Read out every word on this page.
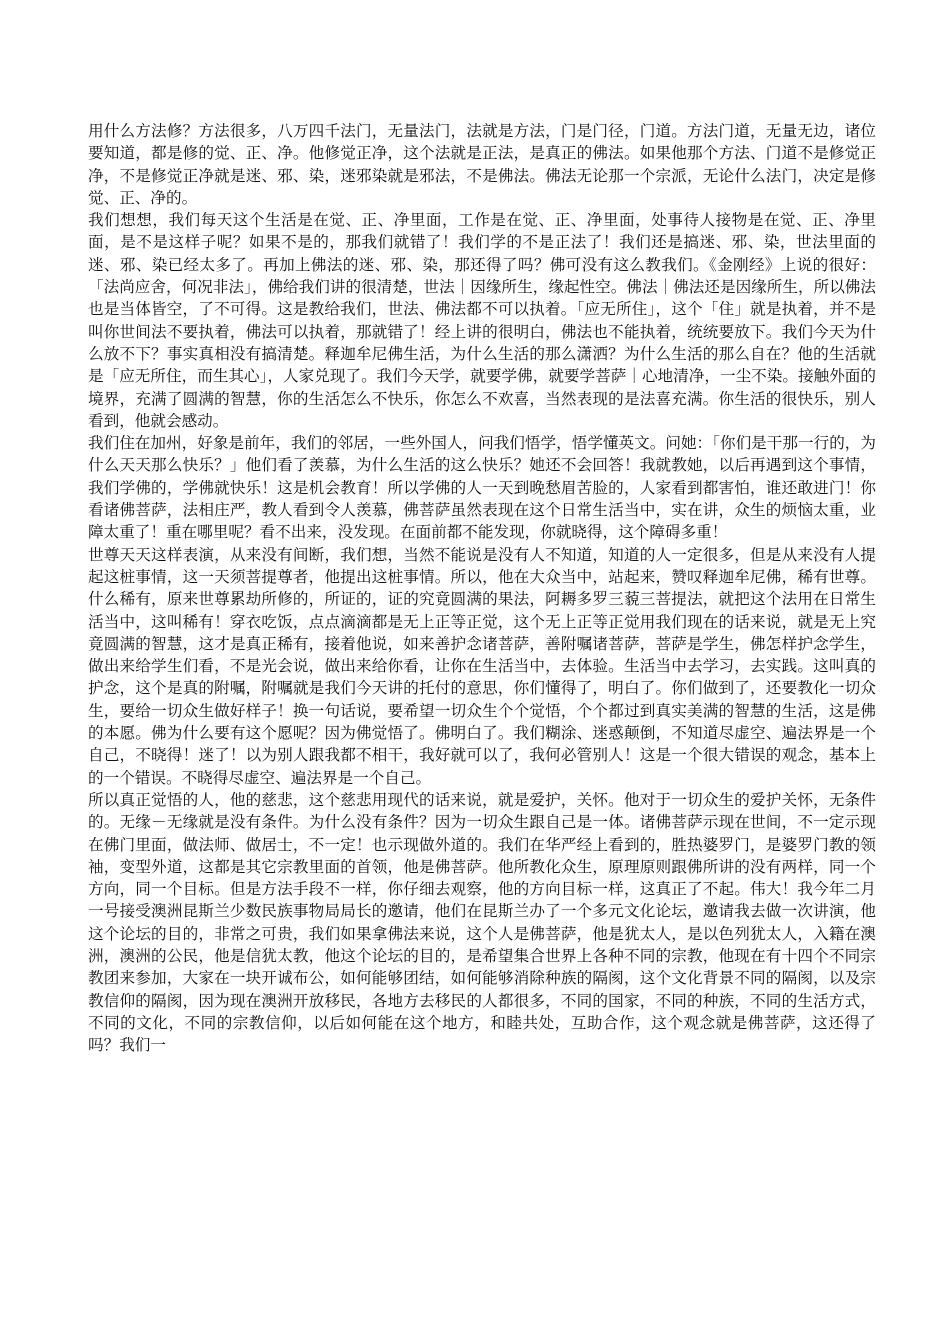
用什么方法修？方法很多，八万四千法门，无量法门，法就是方法，门是门径，门道。方法门道，无量无边，诸位要知道，都是修的觉、正、净。他修觉正净，这个法就是正法，是真正的佛法。如果他那个方法、门道不是修觉正净，不是修觉正净就是迷、邪、染，迷邪染就是邪法，不是佛法。佛法无论那一个宗派，无论什么法门，决定是修觉、正、净的。

我们想想，我们每天这个生活是在觉、正、净里面，工作是在觉、正、净里面，处事待人接物是在觉、正、净里面，是不是这样子呢？如果不是的，那我们就错了！我们学的不是正法了！我们还是搞迷、邪、染，世法里面的迷、邪、染已经太多了。再加上佛法的迷、邪、染，那还得了吗？佛可没有这么教我们。《金刚经》上说的很好：「法尚应舍，何况非法」，佛给我们讲的很清楚，世法｜因缘所生，缘起性空。佛法｜佛法还是因缘所生，所以佛法也是当体皆空，了不可得。这是教给我们，世法、佛法都不可以执着。「应无所住」，这个「住」就是执着，并不是叫你世间法不要执着，佛法可以执着，那就错了！经上讲的很明白，佛法也不能执着，统统要放下。我们今天为什么放不下？事实真相没有搞清楚。释迦牟尼佛生活，为什么生活的那么潇洒？为什么生活的那么自在？他的生活就是「应无所住，而生其心」，人家兑现了。我们今天学，就要学佛，就要学菩萨｜心地清净，一尘不染。接触外面的境界，充满了圆满的智慧，你的生活怎么不快乐，你怎么不欢喜，当然表现的是法喜充满。你生活的很快乐，别人看到，他就会感动。

我们住在加州，好象是前年，我们的邻居，一些外国人，问我们悟学，悟学懂英文。问她：「你们是干那一行的，为什么天天那么快乐？」他们看了羡慕，为什么生活的这么快乐？她还不会回答！我就教她，以后再遇到这个事情，我们学佛的，学佛就快乐！这是机会教育！所以学佛的人一天到晚愁眉苦脸的，人家看到都害怕，谁还敢进门！你看诸佛菩萨，法相庄严，教人看到令人羡慕，佛菩萨虽然表现在这个日常生活当中，实在讲，众生的烦恼太重，业障太重了！重在哪里呢？看不出来，没发现。在面前都不能发现，你就晓得，这个障碍多重！

世尊天天这样表演，从来没有间断，我们想，当然不能说是没有人不知道，知道的人一定很多，但是从来没有人提起这桩事情，这一天须菩提尊者，他提出这桩事情。所以，他在大众当中，站起来，赞叹释迦牟尼佛，稀有世尊。什么稀有，原来世尊累劫所修的，所证的，证的究竟圆满的果法，阿耨多罗三藐三菩提法，就把这个法用在日常生活当中，这叫稀有！穿衣吃饭，点点滴滴都是无上正等正觉，这个无上正等正觉用我们现在的话来说，就是无上究竟圆满的智慧，这才是真正稀有，接着他说，如来善护念诸菩萨，善附嘱诸菩萨，菩萨是学生，佛怎样护念学生，做出来给学生们看，不是光会说，做出来给你看，让你在生活当中，去体验。生活当中去学习，去实践。这叫真的护念，这个是真的附嘱，附嘱就是我们今天讲的托付的意思，你们懂得了，明白了。你们做到了，还要教化一切众生，要给一切众生做好样子！换一句话说，要希望一切众生个个觉悟，个个都过到真实美满的智慧的生活，这是佛的本愿。佛为什么要有这个愿呢？因为佛觉悟了。佛明白了。我们糊涂、迷惑颠倒，不知道尽虚空、遍法界是一个自己，不晓得！迷了！以为别人跟我都不相干，我好就可以了，我何必管别人！这是一个很大错误的观念，基本上的一个错误。不晓得尽虚空、遍法界是一个自己。

所以真正觉悟的人，他的慈悲，这个慈悲用现代的话来说，就是爱护，关怀。他对于一切众生的爱护关怀，无条件的。无缘－无缘就是没有条件。为什么没有条件？因为一切众生跟自己是一体。诸佛菩萨示现在世间，不一定示现在佛门里面，做法师、做居士，不一定！也示现做外道的。我们在华严经上看到的，胜热婆罗门，是婆罗门教的领袖，变型外道，这都是其它宗教里面的首领，他是佛菩萨。他所教化众生，原理原则跟佛所讲的没有两样，同一个方向，同一个目标。但是方法手段不一样，你仔细去观察，他的方向目标一样，这真正了不起。伟大！我今年二月一号接受澳洲昆斯兰少数民族事物局局长的邀请，他们在昆斯兰办了一个多元文化论坛，邀请我去做一次讲演，他这个论坛的目的，非常之可贵，我们如果拿佛法来说，这个人是佛菩萨，他是犹太人，是以色列犹太人，入籍在澳洲，澳洲的公民，他是信犹太教，他这个论坛的目的，是希望集合世界上各种不同的宗教，他现在有十四个不同宗教团来参加，大家在一块开诚布公，如何能够团结，如何能够消除种族的隔阂，这个文化背景不同的隔阂，以及宗教信仰的隔阂，因为现在澳洲开放移民，各地方去移民的人都很多，不同的国家，不同的种族，不同的生活方式，不同的文化，不同的宗教信仰，以后如何能在这个地方，和睦共处，互助合作，这个观念就是佛菩萨，这还得了吗？我们一
